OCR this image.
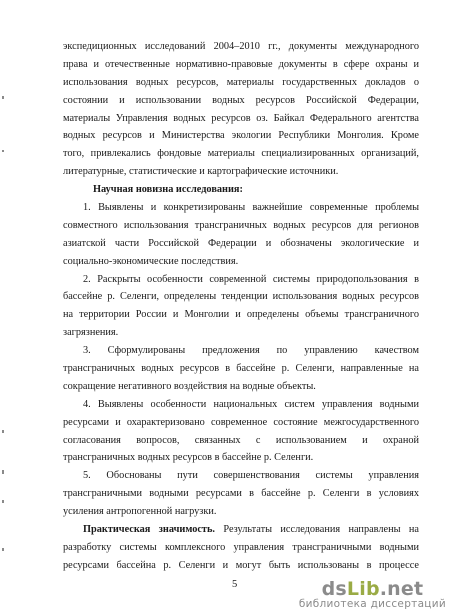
экспедиционных исследований 2004–2010 гг., документы международного
права и отечественные нормативно-правовые документы в сфере охраны и
использования водных ресурсов, материалы государственных докладов о
состоянии и использовании водных ресурсов Российской Федерации,
материалы Управления водных ресурсов оз. Байкал Федерального агентства
водных ресурсов и Министерства экологии Республики Монголия. Кроме
того, привлекались фондовые материалы специализированных организаций,
литературные, статистические и картографические источники.
Научная новизна исследования:
1. Выявлены и конкретизированы важнейшие современные проблемы
совместного использования трансграничных водных ресурсов для регионов
азиатской части Российской Федерации и обозначены экологические и
социально-экономические последствия.
2. Раскрыты особенности современной системы природопользования в
бассейне р. Селенги, определены тенденции использования водных ресурсов
на территории России и Монголии и определены объемы трансграничного
загрязнения.
3. Сформулированы предложения по управлению качеством
трансграничных водных ресурсов в бассейне р. Селенги, направленные на
сокращение негативного воздействия на водные объекты.
4. Выявлены особенности национальных систем управления водными
ресурсами и охарактеризовано современное состояние межгосударственного
согласования вопросов, связанных с использованием и охраной
трансграничных водных ресурсов в бассейне р. Селенги.
5. Обоснованы пути совершенствования системы управления
трансграничными водными ресурсами в бассейне р. Селенги в условиях
усиления антропогенной нагрузки.
Практическая значимость. Результаты исследования направлены на
разработку системы комплексного управления трансграничными водными
ресурсами бассейна р. Селенги и могут быть использованы в процессе
5	dsLib.net
библиотека диссертаций
